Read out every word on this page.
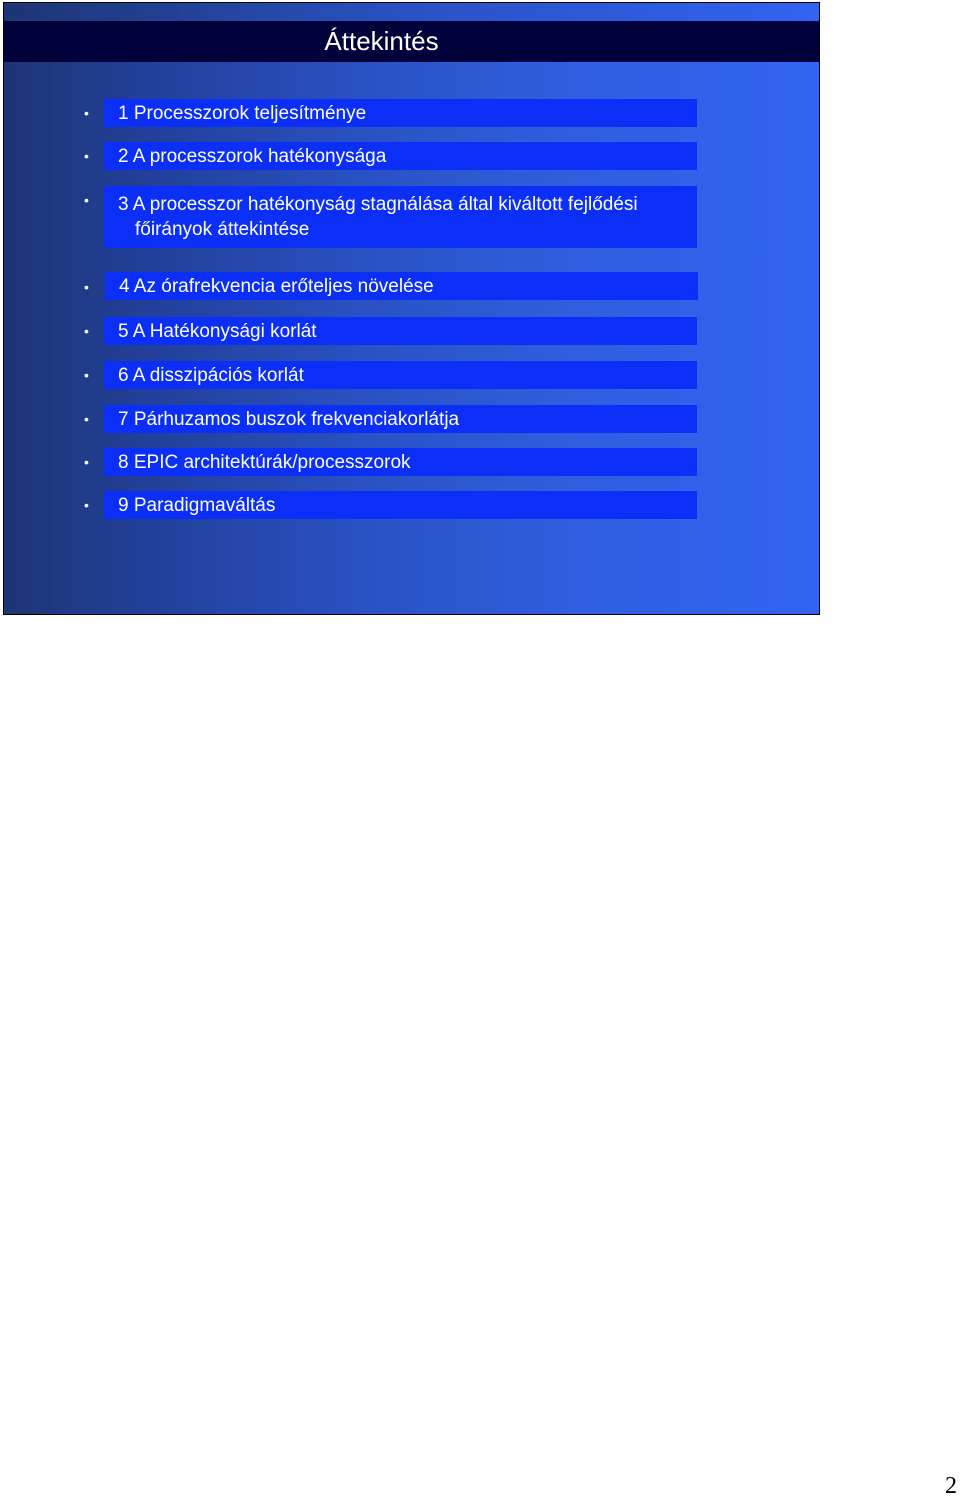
Áttekintés
• 1 Processzorok teljesítménye
• 2 A processzorok hatékonysága
• 3 A processzor hatékonyság stagnálása által kiváltott fejlődési
főirányok áttekintése
• 4 Az órafrekvencia erőteljes növelése
• 5 A Hatékonysági korlát
• 6 A disszipációs korlát
• 7 Párhuzamos buszok frekvenciakorlátja
• 8 EPIC architektúrák/processzorok
• 9 Paradigmaváltás
2
